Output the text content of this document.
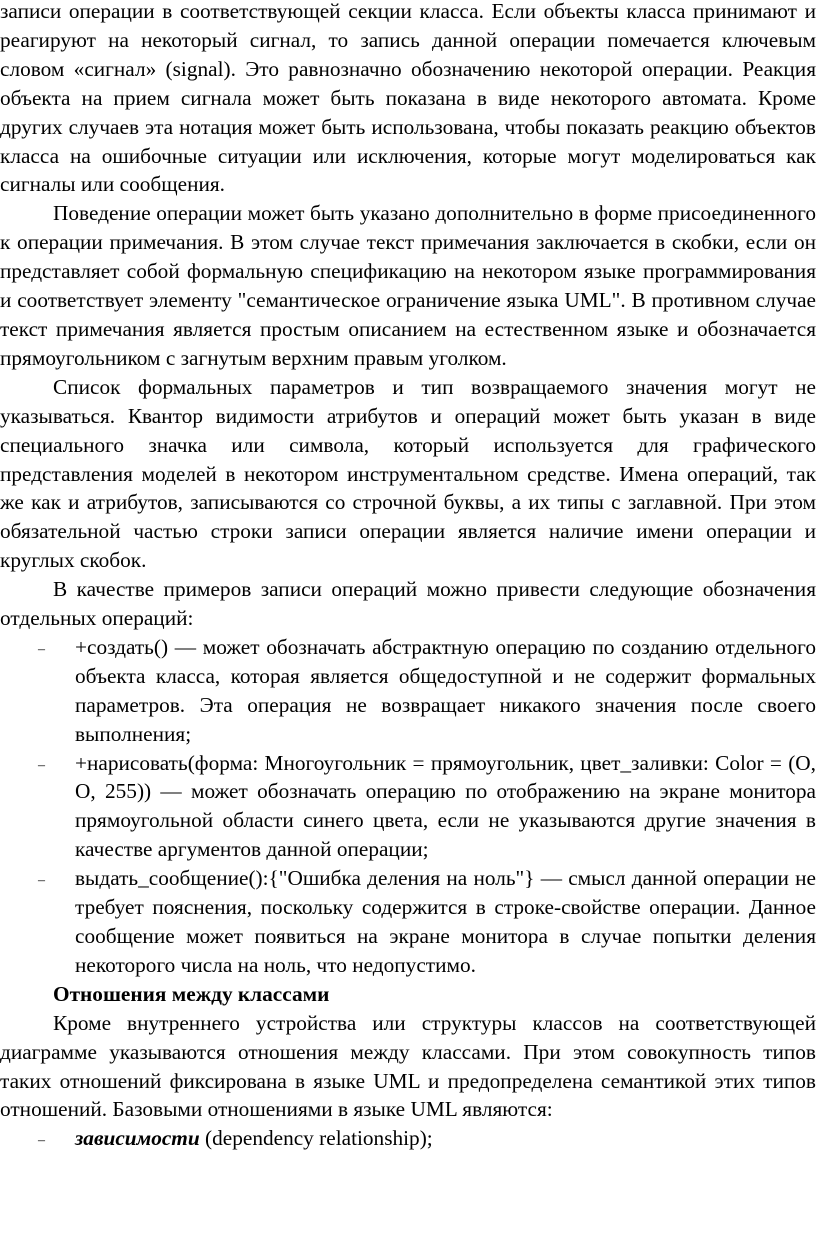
записи операции в соответствующей секции класса. Если объекты класса принимают и реагируют на некоторый сигнал, то запись данной операции помечается ключевым словом «сигнал» (signal). Это равнозначно обозначению некоторой операции. Реакция объекта на прием сигнала может быть показана в виде некоторого автомата. Кроме других случаев эта нотация может быть использована, чтобы показать реакцию объектов класса на ошибочные ситуации или исключения, которые могут моделироваться как сигналы или сообщения.

Поведение операции может быть указано дополнительно в форме присоединенного к операции примечания. В этом случае текст примечания заключается в скобки, если он представляет собой формальную спецификацию на некотором языке программирования и соответствует элементу "семантическое ограничение языка UML". В противном случае текст примечания является простым описанием на естественном языке и обозначается прямоугольником с загнутым верхним правым уголком.

Список формальных параметров и тип возвращаемого значения могут не указываться. Квантор видимости атрибутов и операций может быть указан в виде специального значка или символа, который используется для графического представления моделей в некотором инструментальном средстве. Имена операций, так же как и атрибутов, записываются со строчной буквы, а их типы с заглавной. При этом обязательной частью строки записи операции является наличие имени операции и круглых скобок.

В качестве примеров записи операций можно привести следующие обозначения отдельных операций:

– +создать() — может обозначать абстрактную операцию по созданию отдельного объекта класса, которая является общедоступной и не содержит формальных параметров. Эта операция не возвращает никакого значения после своего выполнения;
– +нарисовать(форма: Многоугольник = прямоугольник, цвет_заливки: Color = (О, О, 255)) — может обозначать операцию по отображению на экране монитора прямоугольной области синего цвета, если не указываются другие значения в качестве аргументов данной операции;
– выдать_сообщение():{"Ошибка деления на ноль"} — смысл данной операции не требует пояснения, поскольку содержится в строке-свойстве операции. Данное сообщение может появиться на экране монитора в случае попытки деления некоторого числа на ноль, что недопустимо.
Отношения между классами

Кроме внутреннего устройства или структуры классов на соответствующей диаграмме указываются отношения между классами. При этом совокупность типов таких отношений фиксирована в языке UML и предопределена семантикой этих типов отношений. Базовыми отношениями в языке UML являются:

– зависимости (dependency relationship);
